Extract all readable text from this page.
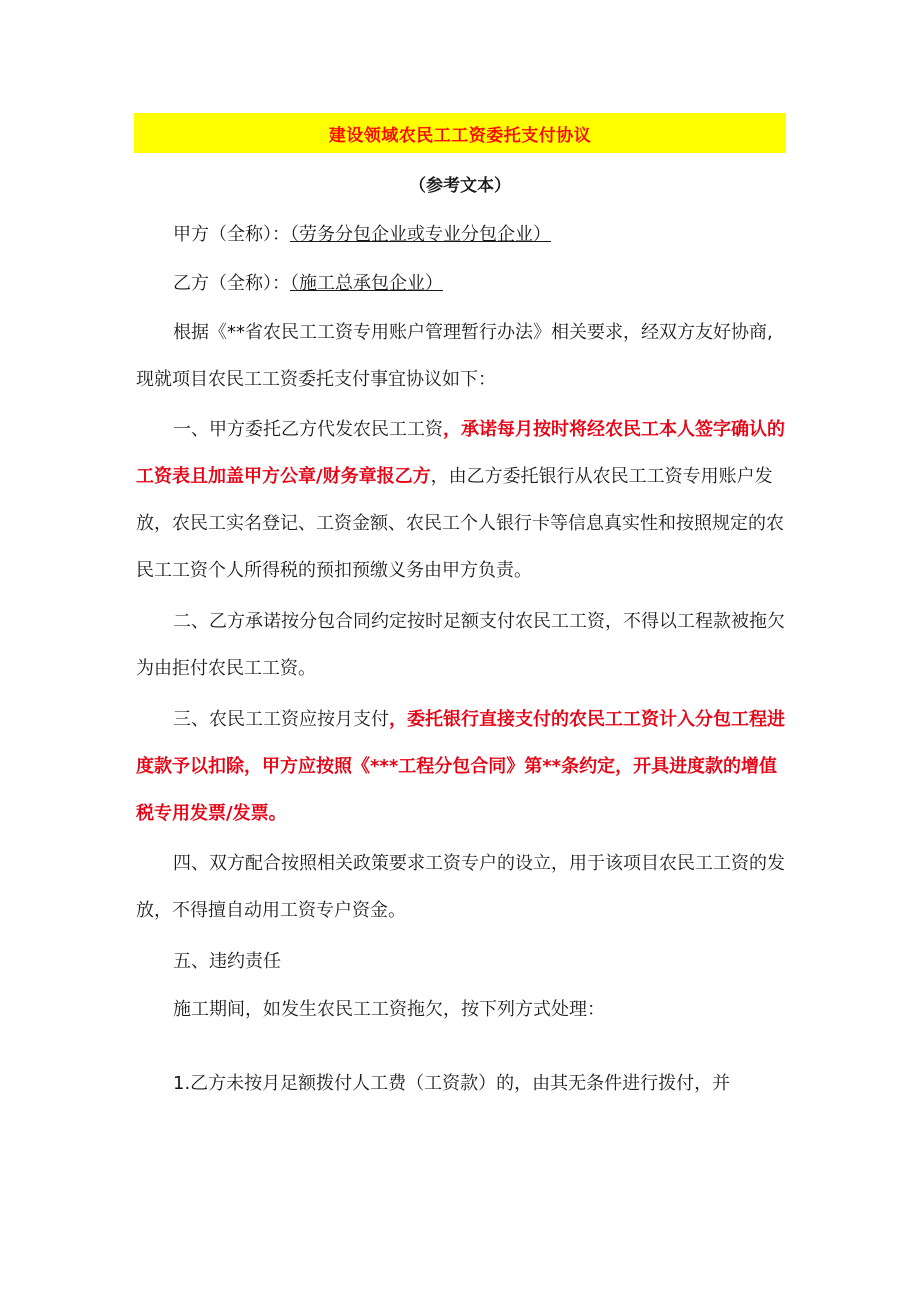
建设领域农民工工资委托支付协议
（参考文本）

甲方（全称）：（劳务分包企业或专业分包企业）

乙方（全称）：（施工总承包企业）

根据《**省农民工工资专用账户管理暂行办法》相关要求，经双方友好协商,现就项目农民工工资委托支付事宜协议如下：

一、甲方委托乙方代发农民工工资，承诺每月按时将经农民工本人签字确认的工资表且加盖甲方公章/财务章报乙方，由乙方委托银行从农民工工资专用账户发放，农民工实名登记、工资金额、农民工个人银行卡等信息真实性和按照规定的农民工工资个人所得税的预扣预缴义务由甲方负责。

二、乙方承诺按分包合同约定按时足额支付农民工工资，不得以工程款被拖欠为由拒付农民工工资。

三、农民工工资应按月支付，委托银行直接支付的农民工工资计入分包工程进度款予以扣除，甲方应按照《***工程分包合同》第**条约定，开具进度款的增值税专用发票/发票。

四、双方配合按照相关政策要求工资专户的设立，用于该项目农民工工资的发放，不得擅自动用工资专户资金。

五、违约责任

施工期间，如发生农民工工资拖欠，按下列方式处理：

1.乙方未按月足额拨付人工费（工资款）的，由其无条件进行拨付，并
